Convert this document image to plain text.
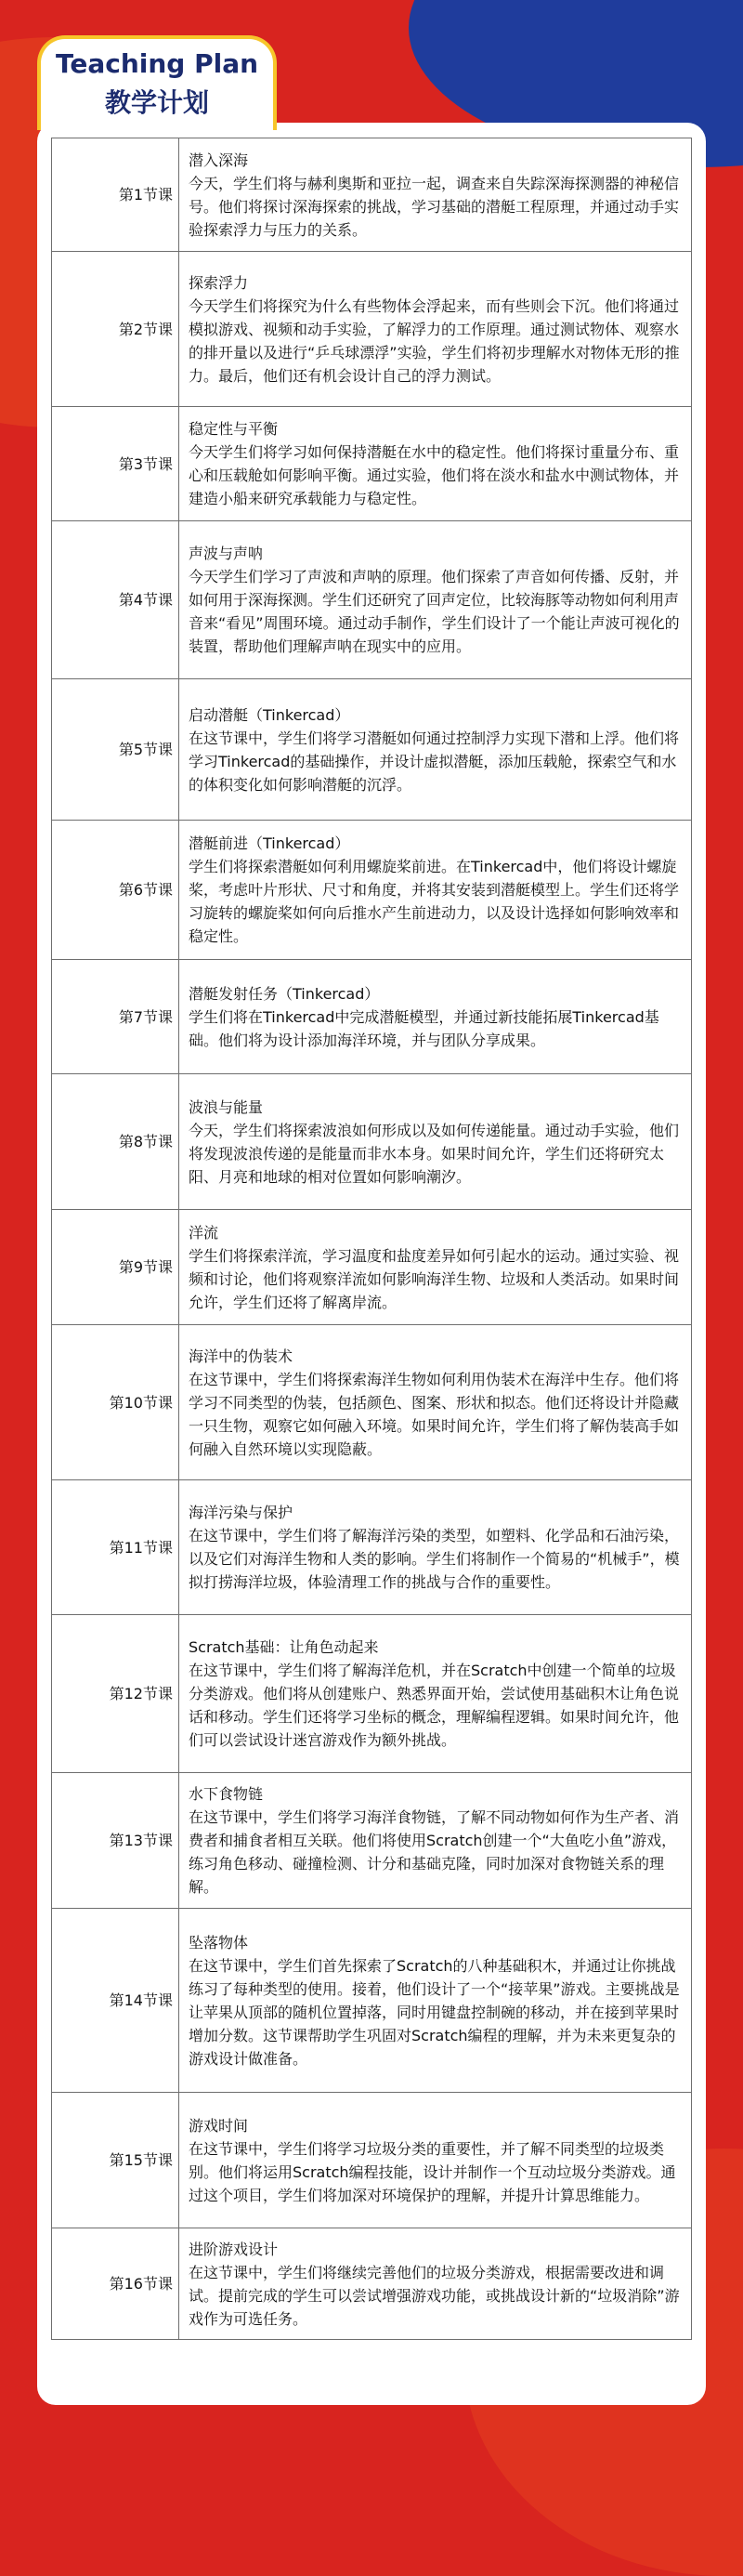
Teaching Plan
教学计划
第1节课	潜入深海
今天，学生们将与赫利奥斯和亚拉一起，调查来自失踪深海探测器的神秘信号。他们将探讨深海探索的挑战，学习基础的潜艇工程原理，并通过动手实验探索浮力与压力的关系。

第2节课	探索浮力
今天学生们将探究为什么有些物体会浮起来，而有些则会下沉。他们将通过模拟游戏、视频和动手实验，了解浮力的工作原理。通过测试物体、观察水的排开量以及进行“乒乓球漂浮”实验，学生们将初步理解水对物体无形的推力。最后，他们还有机会设计自己的浮力测试。

第3节课	稳定性与平衡
今天学生们将学习如何保持潜艇在水中的稳定性。他们将探讨重量分布、重心和压载舱如何影响平衡。通过实验，他们将在淡水和盐水中测试物体，并建造小船来研究承载能力与稳定性。

第4节课	声波与声呐
今天学生们学习了声波和声呐的原理。他们探索了声音如何传播、反射，并如何用于深海探测。学生们还研究了回声定位，比较海豚等动物如何利用声音来“看见”周围环境。通过动手制作，学生们设计了一个能让声波可视化的装置，帮助他们理解声呐在现实中的应用。

第5节课	启动潜艇（Tinkercad）
在这节课中，学生们将学习潜艇如何通过控制浮力实现下潜和上浮。他们将学习Tinkercad的基础操作，并设计虚拟潜艇，添加压载舱，探索空气和水的体积变化如何影响潜艇的沉浮。

第6节课	潜艇前进（Tinkercad）
学生们将探索潜艇如何利用螺旋桨前进。在Tinkercad中，他们将设计螺旋桨，考虑叶片形状、尺寸和角度，并将其安装到潜艇模型上。学生们还将学习旋转的螺旋桨如何向后推水产生前进动力，以及设计选择如何影响效率和稳定性。

第7节课	潜艇发射任务（Tinkercad）
学生们将在Tinkercad中完成潜艇模型，并通过新技能拓展Tinkercad基础。他们将为设计添加海洋环境，并与团队分享成果。

第8节课	波浪与能量
今天，学生们将探索波浪如何形成以及如何传递能量。通过动手实验，他们将发现波浪传递的是能量而非水本身。如果时间允许，学生们还将研究太阳、月亮和地球的相对位置如何影响潮汐。

第9节课	洋流
学生们将探索洋流，学习温度和盐度差异如何引起水的运动。通过实验、视频和讨论，他们将观察洋流如何影响海洋生物、垃圾和人类活动。如果时间允许，学生们还将了解离岸流。

第10节课	海洋中的伪装术
在这节课中，学生们将探索海洋生物如何利用伪装术在海洋中生存。他们将学习不同类型的伪装，包括颜色、图案、形状和拟态。他们还将设计并隐藏一只生物，观察它如何融入环境。如果时间允许，学生们将了解伪装高手如何融入自然环境以实现隐蔽。

第11节课	海洋污染与保护
在这节课中，学生们将了解海洋污染的类型，如塑料、化学品和石油污染，以及它们对海洋生物和人类的影响。学生们将制作一个简易的“机械手”，模拟打捞海洋垃圾，体验清理工作的挑战与合作的重要性。

第12节课	Scratch基础：让角色动起来
在这节课中，学生们将了解海洋危机，并在Scratch中创建一个简单的垃圾分类游戏。他们将从创建账户、熟悉界面开始，尝试使用基础积木让角色说话和移动。学生们还将学习坐标的概念，理解编程逻辑。如果时间允许，他们可以尝试设计迷宫游戏作为额外挑战。

第13节课	水下食物链
在这节课中，学生们将学习海洋食物链，了解不同动物如何作为生产者、消费者和捕食者相互关联。他们将使用Scratch创建一个“大鱼吃小鱼”游戏，练习角色移动、碰撞检测、计分和基础克隆，同时加深对食物链关系的理解。

第14节课	坠落物体
在这节课中，学生们首先探索了Scratch的八种基础积木，并通过让你挑战练习了每种类型的使用。接着，他们设计了一个“接苹果”游戏。主要挑战是让苹果从顶部的随机位置掉落，同时用键盘控制碗的移动，并在接到苹果时增加分数。这节课帮助学生巩固对Scratch编程的理解，并为未来更复杂的游戏设计做准备。

第15节课	游戏时间
在这节课中，学生们将学习垃圾分类的重要性，并了解不同类型的垃圾类别。他们将运用Scratch编程技能，设计并制作一个互动垃圾分类游戏。通过这个项目，学生们将加深对环境保护的理解，并提升计算思维能力。

第16节课	进阶游戏设计
在这节课中，学生们将继续完善他们的垃圾分类游戏，根据需要改进和调试。提前完成的学生可以尝试增强游戏功能，或挑战设计新的“垃圾消除”游戏作为可选任务。
